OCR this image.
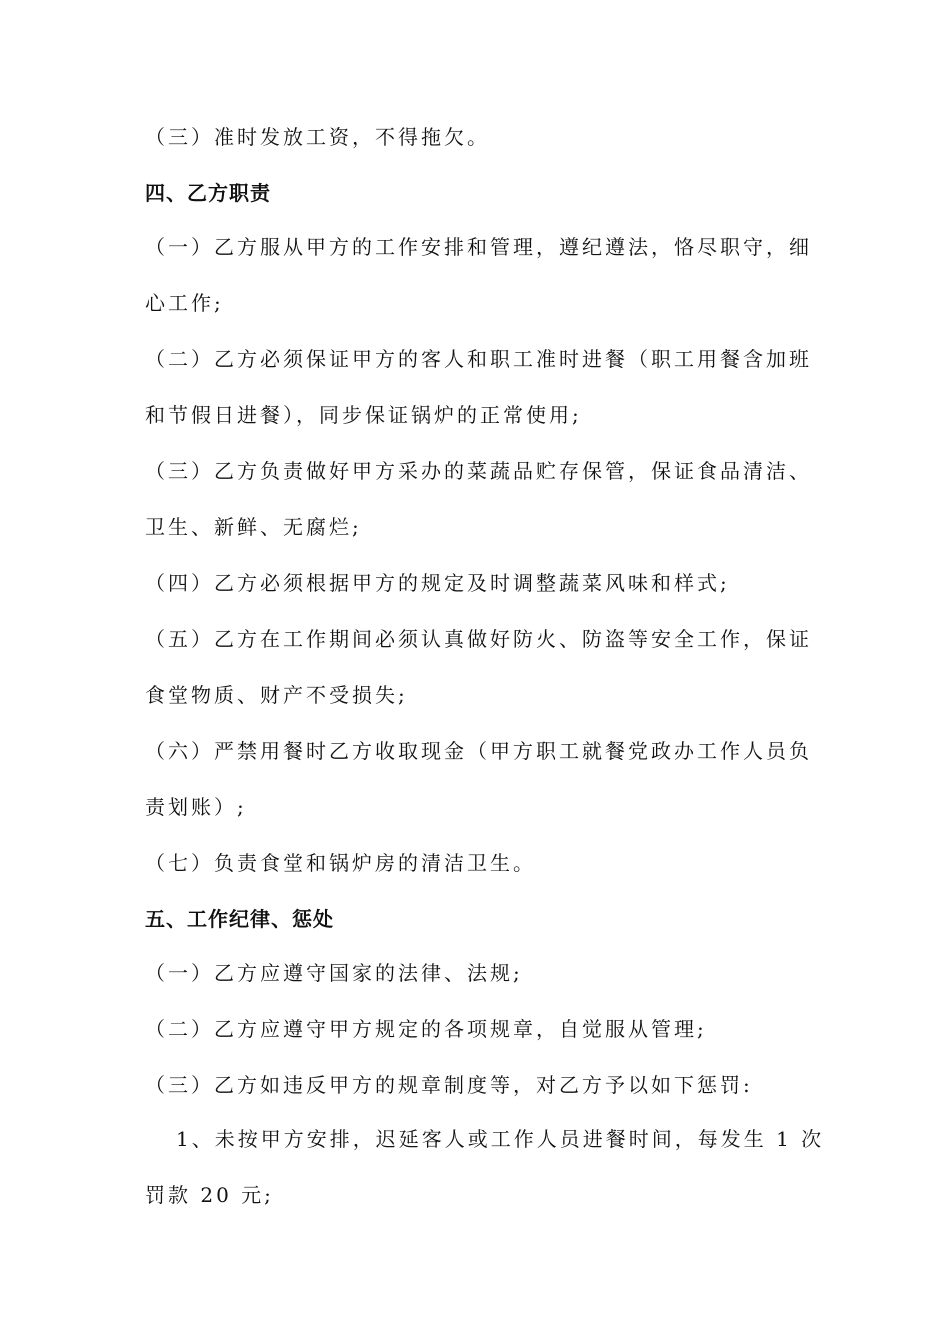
（三）准时发放工资，不得拖欠。
四、乙方职责
（一）乙方服从甲方的工作安排和管理，遵纪遵法，恪尽职守，细
心工作;
（二）乙方必须保证甲方的客人和职工准时进餐（职工用餐含加班
和节假日进餐），同步保证锅炉的正常使用;
（三）乙方负责做好甲方采办的菜蔬品贮存保管，保证食品清洁、
卫生、新鲜、无腐烂;
（四）乙方必须根据甲方的规定及时调整蔬菜风味和样式;
（五）乙方在工作期间必须认真做好防火、防盗等安全工作，保证
食堂物质、财产不受损失;
（六）严禁用餐时乙方收取现金（甲方职工就餐党政办工作人员负
责划账）;
（七）负责食堂和锅炉房的清洁卫生。
五、工作纪律、惩处
（一）乙方应遵守国家的法律、法规;
（二）乙方应遵守甲方规定的各项规章，自觉服从管理;
（三）乙方如违反甲方的规章制度等，对乙方予以如下惩罚:
1、未按甲方安排，迟延客人或工作人员进餐时间，每发生 1 次
罚款 20 元;
